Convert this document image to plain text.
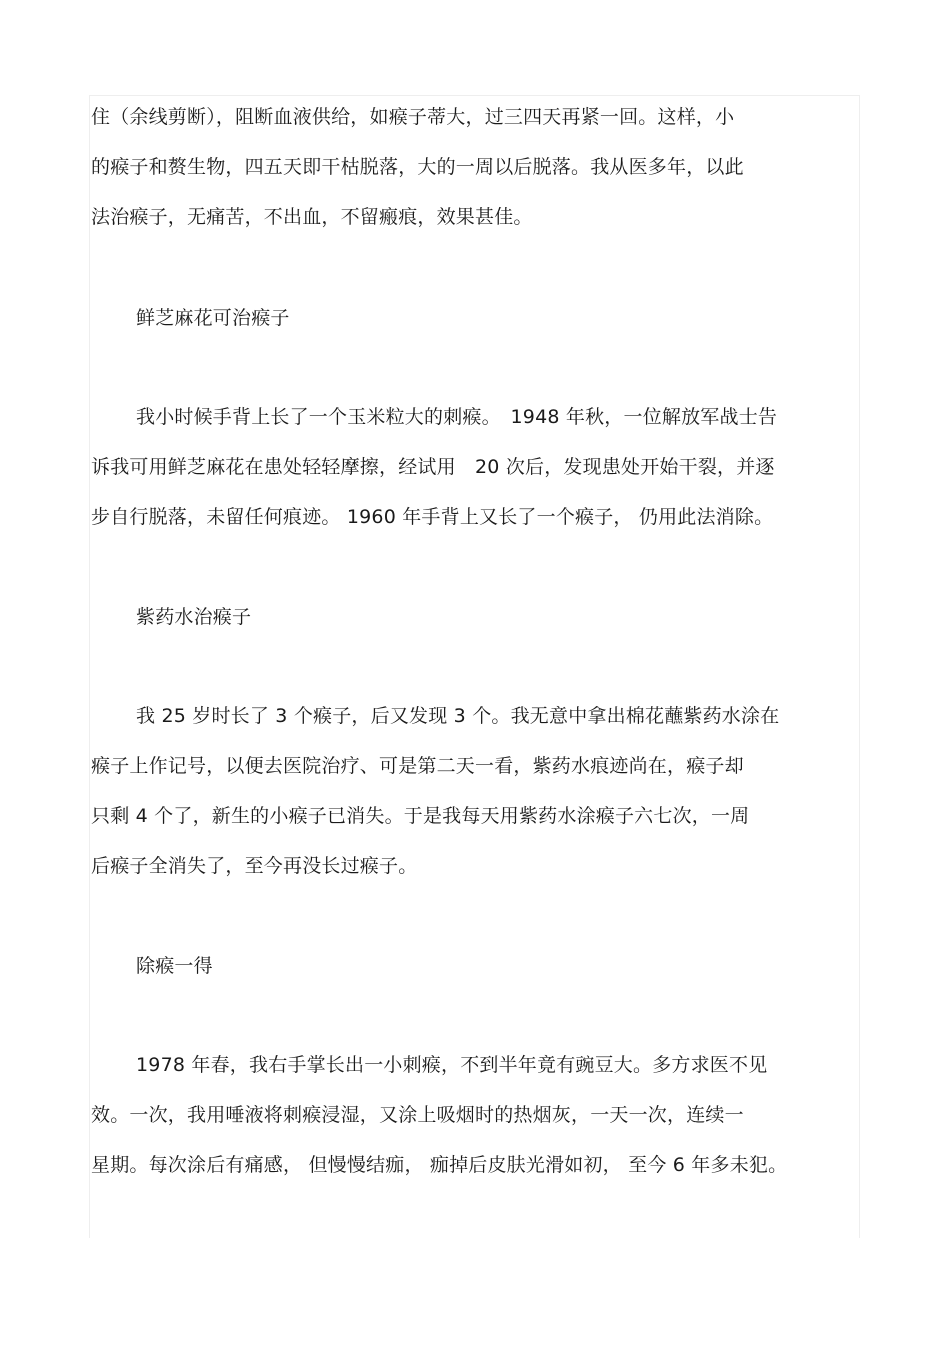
住（余线剪断），阻断血液供给，如瘊子蒂大，过三四天再紧一回。这样，小
的瘊子和赘生物，四五天即干枯脱落，大的一周以后脱落。我从医多年，以此
法治瘊子，无痛苦，不出血，不留瘢痕，效果甚佳。
鲜芝麻花可治瘊子
我小时候手背上长了一个玉米粒大的刺瘊。　1948 年秋，一位解放军战士告
诉我可用鲜芝麻花在患处轻轻摩擦，经试用　20 次后，发现患处开始干裂，并逐
步自行脱落，未留任何痕迹。 1960 年手背上又长了一个瘊子， 仍用此法消除。
紫药水治瘊子
我 25 岁时长了 3 个瘊子，后又发现 3 个。我无意中拿出棉花蘸紫药水涂在
瘊子上作记号，以便去医院治疗、可是第二天一看，紫药水痕迹尚在，瘊子却
只剩 4 个了，新生的小瘊子已消失。于是我每天用紫药水涂瘊子六七次，一周
后瘊子全消失了，至今再没长过瘊子。
除瘊一得
1978 年春，我右手掌长出一小刺瘊，不到半年竟有豌豆大。多方求医不见
效。一次，我用唾液将刺瘊浸湿，又涂上吸烟时的热烟灰，一天一次，连续一
星期。每次涂后有痛感， 但慢慢结痂， 痂掉后皮肤光滑如初， 至今 6 年多未犯。
